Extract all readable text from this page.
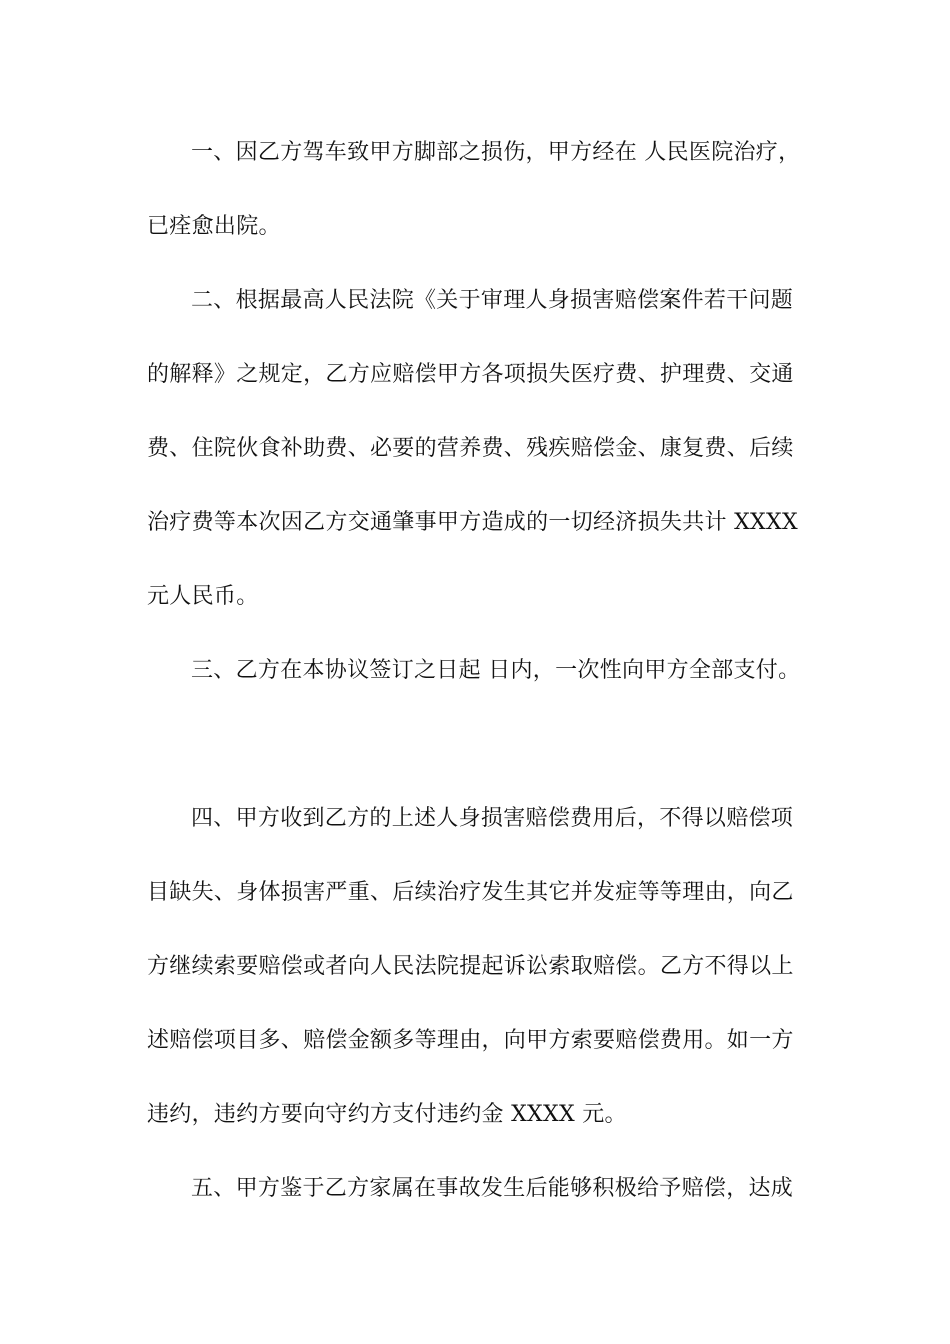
一、因乙方驾车致甲方脚部之损伤，甲方经在 人民医院治疗，
已痊愈出院。
二、根据最高人民法院《关于审理人身损害赔偿案件若干问题
的解释》之规定，乙方应赔偿甲方各项损失医疗费、护理费、交通
费、住院伙食补助费、必要的营养费、残疾赔偿金、康复费、后续
治疗费等本次因乙方交通肇事甲方造成的一切经济损失共计 XXXX
元人民币。
三、乙方在本协议签订之日起 日内，一次性向甲方全部支付。
四、甲方收到乙方的上述人身损害赔偿费用后，不得以赔偿项
目缺失、身体损害严重、后续治疗发生其它并发症等等理由，向乙
方继续索要赔偿或者向人民法院提起诉讼索取赔偿。乙方不得以上
述赔偿项目多、赔偿金额多等理由，向甲方索要赔偿费用。如一方
违约，违约方要向守约方支付违约金 XXXX 元。
五、甲方鉴于乙方家属在事故发生后能够积极给予赔偿，达成
